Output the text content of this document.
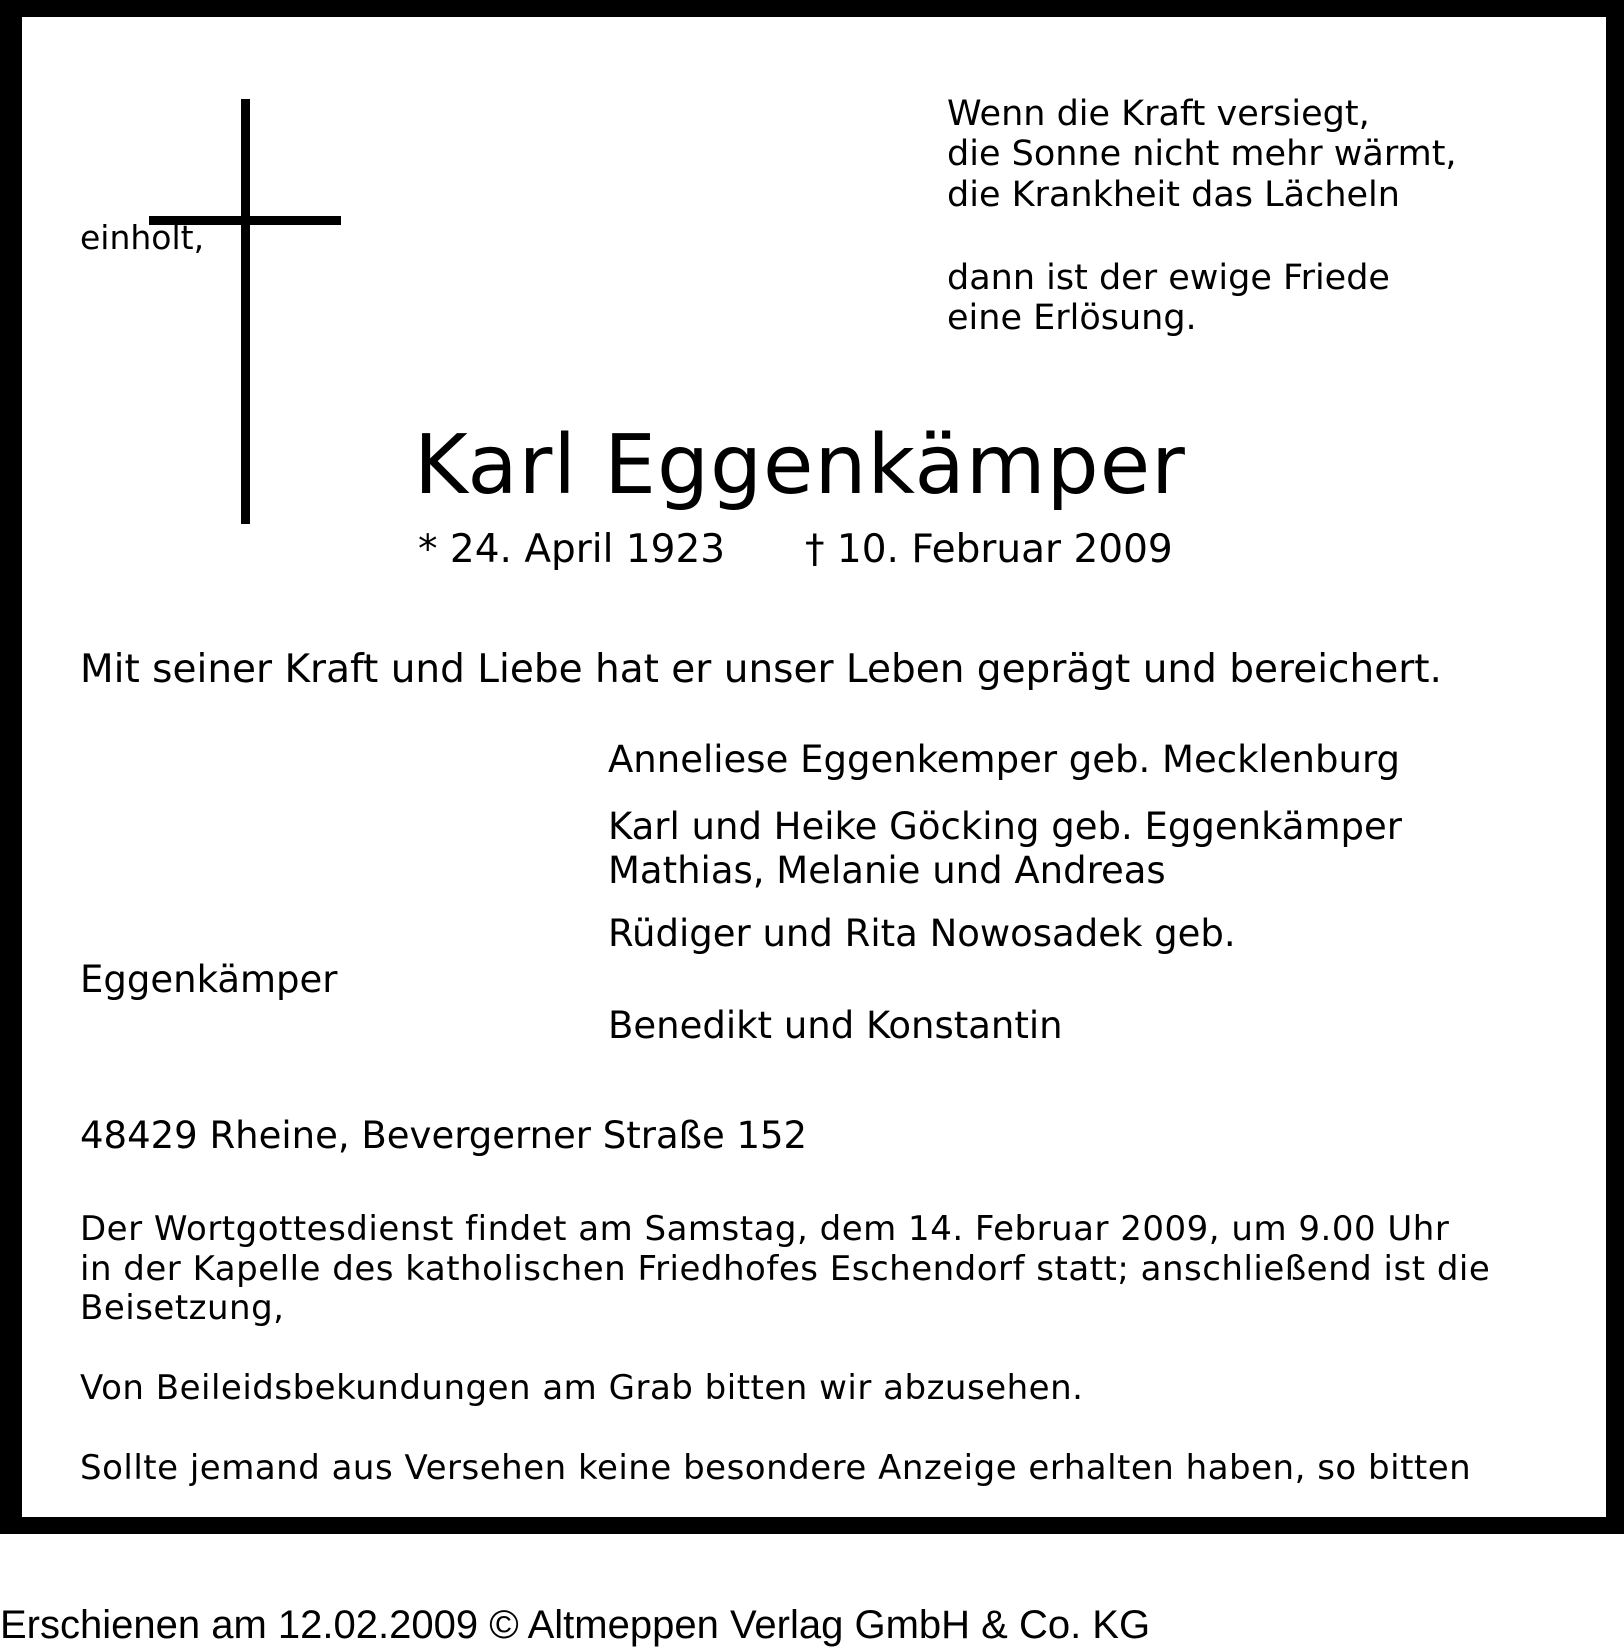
Wenn die Kraft versiegt,
die Sonne nicht mehr wärmt,
die Krankheit das Lächeln
einholt,
dann ist der ewige Friede
eine Erlösung.
Karl Eggenkämper
* 24. April 1923 † 10. Februar 2009
Mit seiner Kraft und Liebe hat er unser Leben geprägt und bereichert.
Anneliese Eggenkemper geb. Mecklenburg
Karl und Heike Göcking geb. Eggenkämper
Mathias, Melanie und Andreas
Rüdiger und Rita Nowosadek geb.
Eggenkämper
Benedikt und Konstantin
48429 Rheine, Bevergerner Straße 152
Der Wortgottesdienst findet am Samstag, dem 14. Februar 2009, um 9.00 Uhr
in der Kapelle des katholischen Friedhofes Eschendorf statt; anschließend ist die
Beisetzung,
Von Beileidsbekundungen am Grab bitten wir abzusehen.
Sollte jemand aus Versehen keine besondere Anzeige erhalten haben, so bitten
Erschienen am 12.02.2009 © Altmeppen Verlag GmbH & Co. KG
